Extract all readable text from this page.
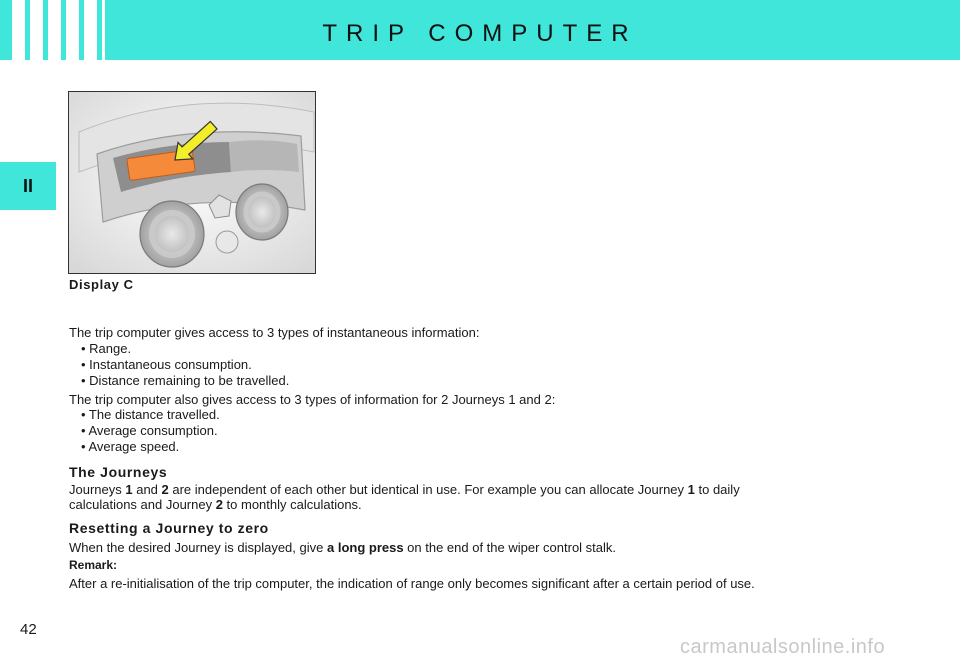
TRIP COMPUTER
II
Display C
The trip computer gives access to 3 types of instantaneous information:
• Range.
• Instantaneous consumption.
• Distance remaining to be travelled.
The trip computer also gives access to 3 types of information for 2 Journeys 1 and 2:
• The distance travelled.
• Average consumption.
• Average speed.
The Journeys
Journeys 1 and 2 are independent of each other but identical in use. For example you can allocate Journey 1 to daily
calculations and Journey 2 to monthly calculations.
Resetting a Journey to zero
When the desired Journey is displayed, give a long press on the end of the wiper control stalk.
Remark:
After a re-initialisation of the trip computer, the indication of range only becomes significant after a certain period of use.
42
carmanualsonline.info
